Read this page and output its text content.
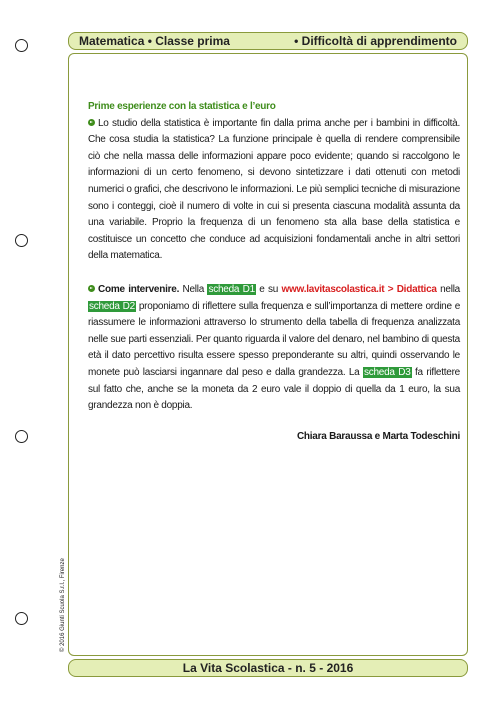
Matematica • Classe prima	• Difficoltà di apprendimento

Prime esperienze con la statistica e l’euro

Lo studio della statistica è importante fin dalla prima anche per i bambini in difficoltà. Che cosa studia la statistica? La funzione principale è quella di rendere comprensibile ciò che nella massa delle informazioni appare poco evidente; quando si raccolgono le informazioni di un certo fenomeno, si devono sintetizzare i dati ottenuti con metodi numerici o grafici, che descrivono le informazioni. Le più semplici tecniche di misurazione sono i conteggi, cioè il numero di volte in cui si presenta ciascuna modalità assunta da una variabile. Proprio la frequenza di un fenomeno sta alla base della statistica e costituisce un concetto che conduce ad acquisizioni fondamentali anche in altri settori della matematica.

Come intervenire. Nella scheda D1 e su www.lavitascolastica.it > Didattica nella scheda D2 proponiamo di riflettere sulla frequenza e sull’importanza di mettere ordine e riassumere le informazioni attraverso lo strumento della tabella di frequenza analizzata nelle sue parti essenziali. Per quanto riguarda il valore del denaro, nel bambino di questa età il dato percettivo risulta essere spesso preponderante su altri, quindi osservando le monete può lasciarsi ingannare dal peso e dalla grandezza. La scheda D3 fa riflettere sul fatto che, anche se la moneta da 2 euro vale il doppio di quella da 1 euro, la sua grandezza non è doppia.

Chiara Baraussa e Marta Todeschini

© 2016 Giunti Scuola S.r.l., Firenze
La Vita Scolastica - n. 5 - 2016
